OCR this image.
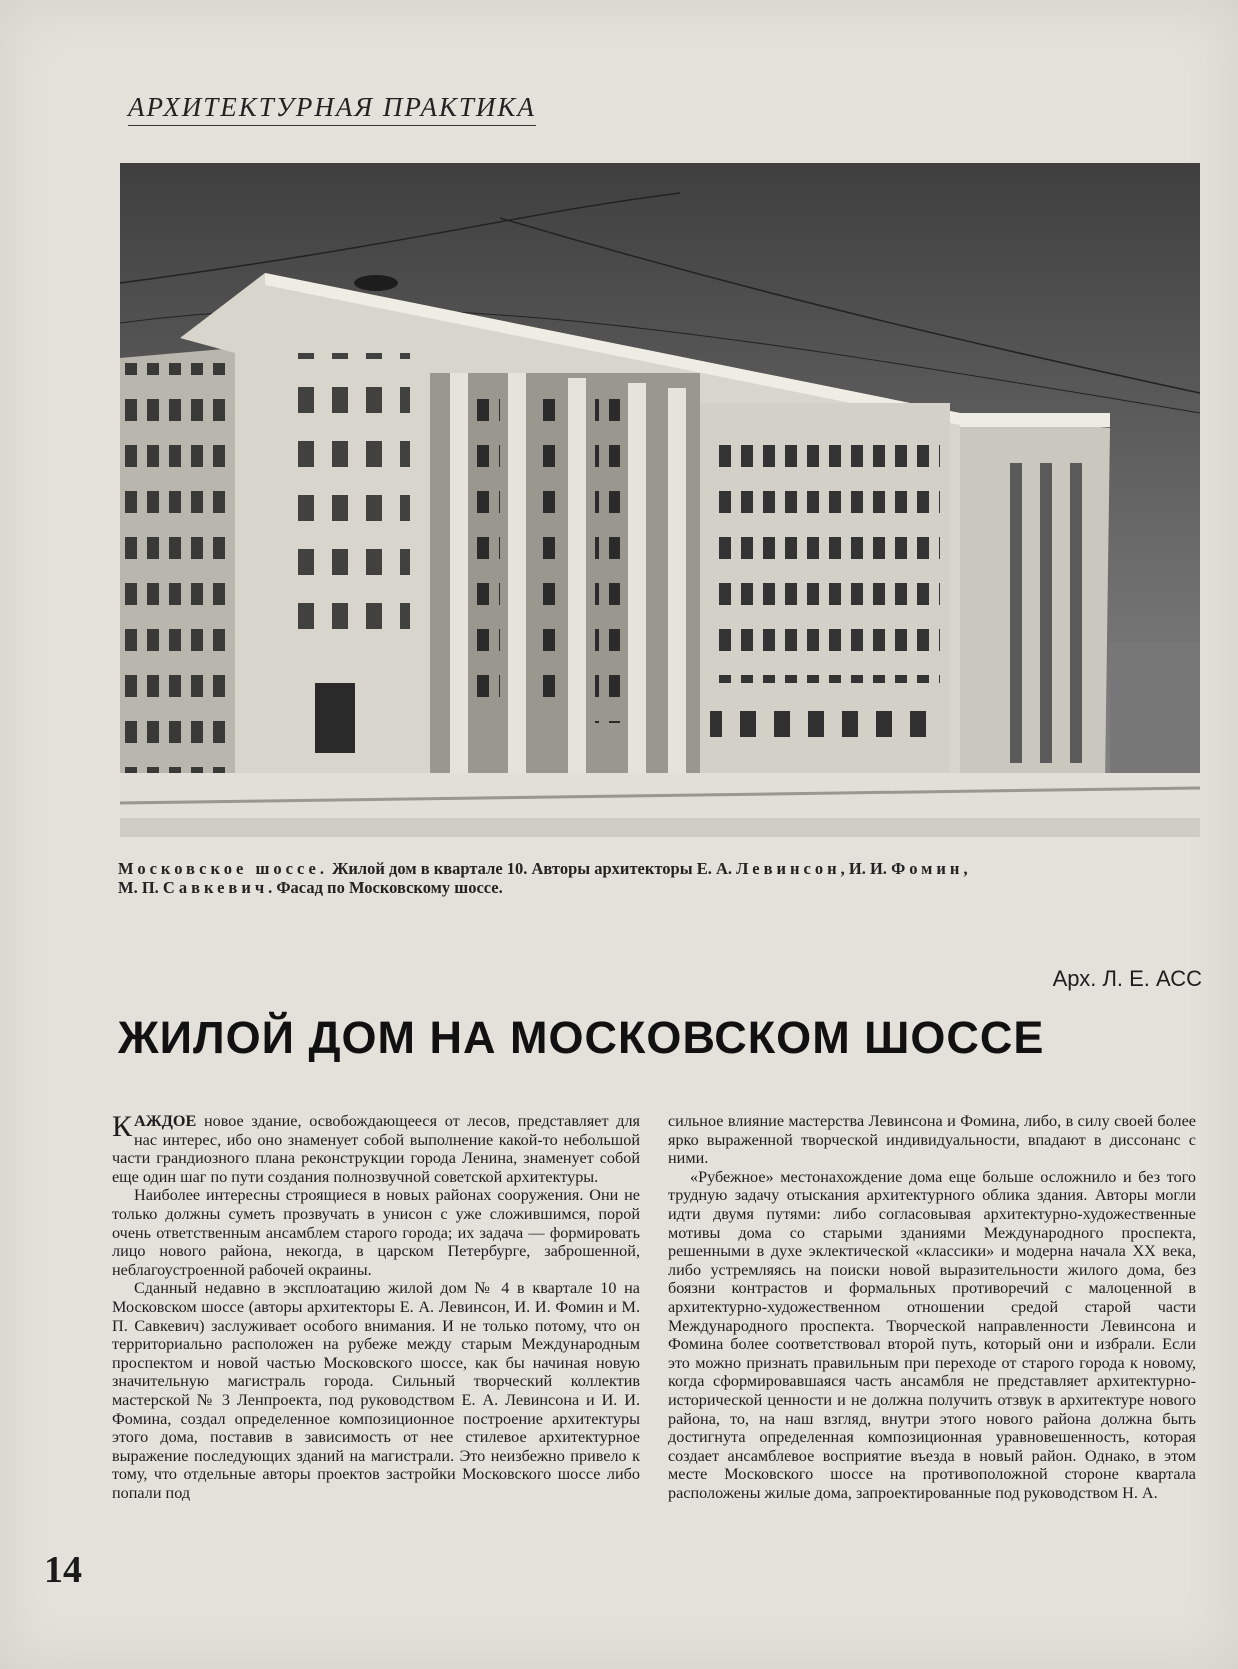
АРХИТЕКТУРНАЯ ПРАКТИКА
Московское шоссе. Жилой дом в квартале 10. Авторы архитекторы Е. А. Левинсон, И. И. Фомин,
М. П. Савкевич. Фасад по Московскому шоссе.
Арх. Л. Е. АСС
ЖИЛОЙ ДОМ НА МОСКОВСКОМ ШОССЕ

КАЖДОЕ новое здание, освобождающееся от лесов, представляет для нас интерес, ибо оно знаменует собой выполнение какой-то небольшой части грандиозного плана реконструкции города Ленина, знаменует собой еще один шаг по пути создания полнозвучной советской архитектуры.

Наиболее интересны строящиеся в новых районах сооружения. Они не только должны суметь прозвучать в унисон с уже сложившимся, порой очень ответственным ансамблем старого города; их задача — формировать лицо нового района, некогда, в царском Петербурге, заброшенной, неблагоустроенной рабочей окраины.

Сданный недавно в эксплоатацию жилой дом № 4 в квартале 10 на Московском шоссе (авторы архитекторы Е. А. Левинсон, И. И. Фомин и М. П. Савкевич) заслуживает особого внимания. И не только потому, что он территориально расположен на рубеже между старым Международным проспектом и новой частью Московского шоссе, как бы начиная новую значительную магистраль города. Сильный творческий коллектив мастерской № 3 Ленпроекта, под руководством Е. А. Левинсона и И. И. Фомина, создал определенное композиционное построение архитектуры этого дома, поставив в зависимость от нее стилевое архитектурное выражение последующих зданий на магистрали. Это неизбежно привело к тому, что отдельные авторы проектов застройки Московского шоссе либо попали под

сильное влияние мастерства Левинсона и Фомина, либо, в силу своей более ярко выраженной творческой индивидуальности, впадают в диссонанс с ними.

«Рубежное» местонахождение дома еще больше осложнило и без того трудную задачу отыскания архитектурного облика здания. Авторы могли идти двумя путями: либо согласовывая архитектурно-художественные мотивы дома со старыми зданиями Международного проспекта, решенными в духе эклектической «классики» и модерна начала XX века, либо устремляясь на поиски новой выразительности жилого дома, без боязни контрастов и формальных противоречий с малоценной в архитектурно-художественном отношении средой старой части Международного проспекта. Творческой направленности Левинсона и Фомина более соответствовал второй путь, который они и избрали. Если это можно признать правильным при переходе от старого города к новому, когда сформировавшаяся часть ансамбля не представляет архитектурно-исторической ценности и не должна получить отзвук в архитектуре нового района, то, на наш взгляд, внутри этого нового района должна быть достигнута определенная композиционная уравновешенность, которая создает ансамблевое восприятие въезда в новый район. Однако, в этом месте Московского шоссе на противоположной стороне квартала расположены жилые дома, запроектированные под руководством Н. А.

14
